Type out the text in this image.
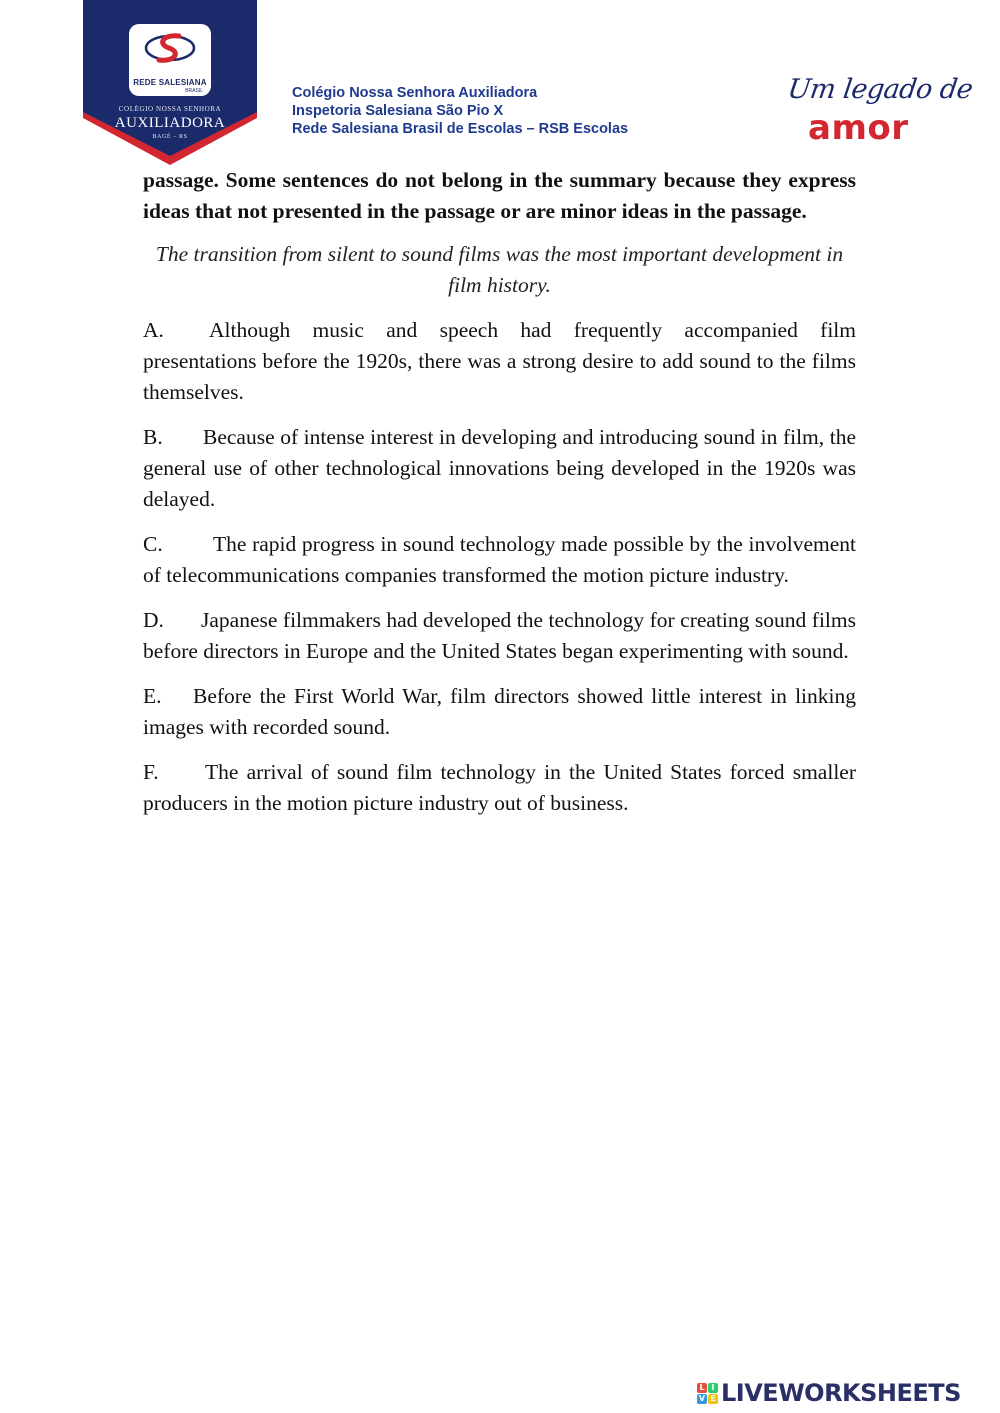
REDE SALESIANA
BRASIL
COLÉGIO NOSSA SENHORA
AUXILIADORA
BAGÉ – RS
Colégio Nossa Senhora Auxiliadora
Inspetoria Salesiana São Pio X
Rede Salesiana Brasil de Escolas – RSB Escolas
Um legado de
amor

passage. Some sentences do not belong in the summary because they express ideas that not presented in the passage or are minor ideas in the passage.

The transition from silent to sound films was the most important development in film history.

A. Although music and speech had frequently accompanied film presentations before the 1920s, there was a strong desire to add sound to the films themselves.

B. Because of intense interest in developing and introducing sound in film, the general use of other technological innovations being developed in the 1920s was delayed.

C. The rapid progress in sound technology made possible by the involvement of telecommunications companies transformed the motion picture industry.

D. Japanese filmmakers had developed the technology for creating sound films before directors in Europe and the United States began experimenting with sound.

E. Before the First World War, film directors showed little interest in linking images with recorded sound.

F. The arrival of sound film technology in the United States forced smaller producers in the motion picture industry out of business.

L I
V E LIVEWORKSHEETS
